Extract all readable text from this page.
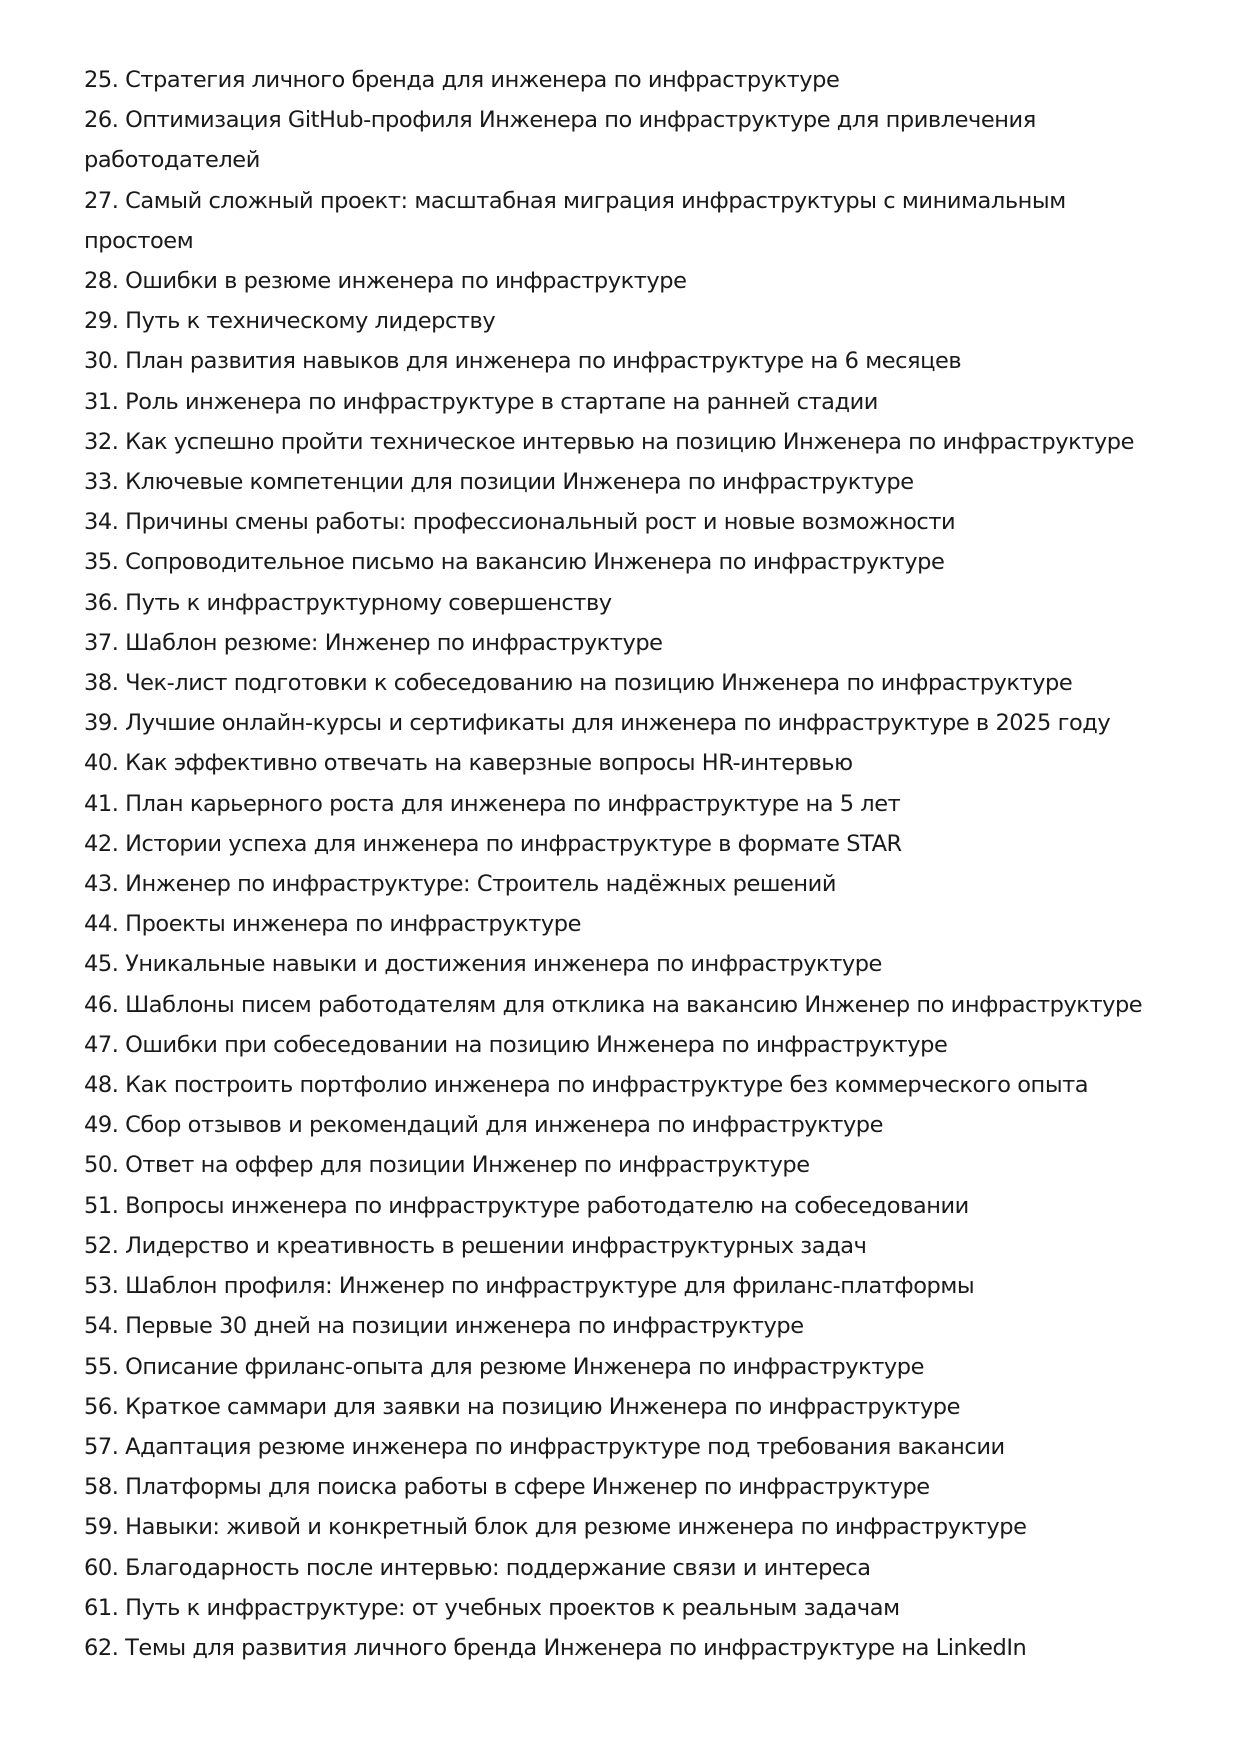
25. Стратегия личного бренда для инженера по инфраструктуре
26. Оптимизация GitHub-профиля Инженера по инфраструктуре для привлечения работодателей
27. Самый сложный проект: масштабная миграция инфраструктуры с минимальным простоем
28. Ошибки в резюме инженера по инфраструктуре
29. Путь к техническому лидерству
30. План развития навыков для инженера по инфраструктуре на 6 месяцев
31. Роль инженера по инфраструктуре в стартапе на ранней стадии
32. Как успешно пройти техническое интервью на позицию Инженера по инфраструктуре
33. Ключевые компетенции для позиции Инженера по инфраструктуре
34. Причины смены работы: профессиональный рост и новые возможности
35. Сопроводительное письмо на вакансию Инженера по инфраструктуре
36. Путь к инфраструктурному совершенству
37. Шаблон резюме: Инженер по инфраструктуре
38. Чек-лист подготовки к собеседованию на позицию Инженера по инфраструктуре
39. Лучшие онлайн-курсы и сертификаты для инженера по инфраструктуре в 2025 году
40. Как эффективно отвечать на каверзные вопросы HR-интервью
41. План карьерного роста для инженера по инфраструктуре на 5 лет
42. Истории успеха для инженера по инфраструктуре в формате STAR
43. Инженер по инфраструктуре: Строитель надёжных решений
44. Проекты инженера по инфраструктуре
45. Уникальные навыки и достижения инженера по инфраструктуре
46. Шаблоны писем работодателям для отклика на вакансию Инженер по инфраструктуре
47. Ошибки при собеседовании на позицию Инженера по инфраструктуре
48. Как построить портфолио инженера по инфраструктуре без коммерческого опыта
49. Сбор отзывов и рекомендаций для инженера по инфраструктуре
50. Ответ на оффер для позиции Инженер по инфраструктуре
51. Вопросы инженера по инфраструктуре работодателю на собеседовании
52. Лидерство и креативность в решении инфраструктурных задач
53. Шаблон профиля: Инженер по инфраструктуре для фриланс-платформы
54. Первые 30 дней на позиции инженера по инфраструктуре
55. Описание фриланс-опыта для резюме Инженера по инфраструктуре
56. Краткое саммари для заявки на позицию Инженера по инфраструктуре
57. Адаптация резюме инженера по инфраструктуре под требования вакансии
58. Платформы для поиска работы в сфере Инженер по инфраструктуре
59. Навыки: живой и конкретный блок для резюме инженера по инфраструктуре
60. Благодарность после интервью: поддержание связи и интереса
61. Путь к инфраструктуре: от учебных проектов к реальным задачам
62. Темы для развития личного бренда Инженера по инфраструктуре на LinkedIn
